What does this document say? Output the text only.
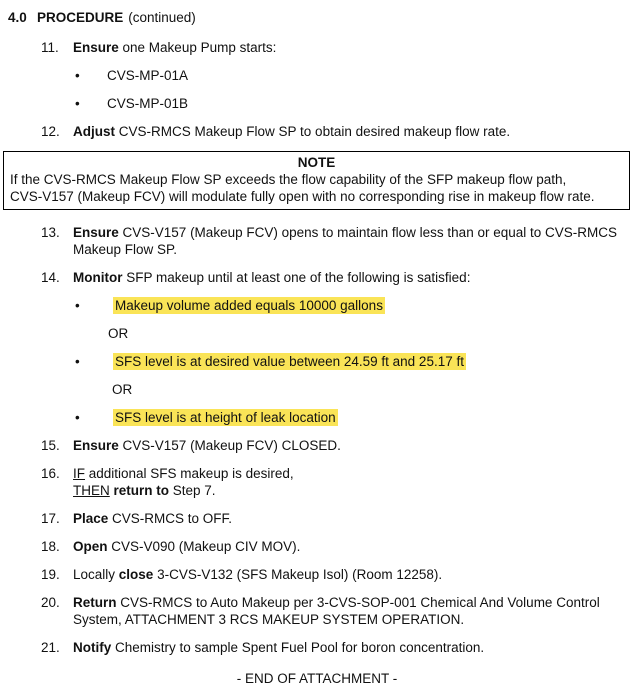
4.0 PROCEDURE (continued)
11.	Ensure one Makeup Pump starts:
•	CVS-MP-01A
•	CVS-MP-01B
12. Adjust CVS-RMCS Makeup Flow SP to obtain desired makeup flow rate.
NOTE
If the CVS-RMCS Makeup Flow SP exceeds the flow capability of the SFP makeup flow path,
CVS-V157 (Makeup FCV) will modulate fully open with no corresponding rise in makeup flow rate.
13. Ensure CVS-V157 (Makeup FCV) opens to maintain flow less than or equal to CVS-RMCS
Makeup Flow SP.
14. Monitor SFP makeup until at least one of the following is satisfied:
•	Makeup volume added equals 10000 gallons
OR
•	SFS level is at desired value between 24.59 ft and 25.17 ft
OR
•	SFS level is at height of leak location
15. Ensure CVS-V157 (Makeup FCV) CLOSED.
16. IF additional SFS makeup is desired,
THEN return to Step 7.
17. Place CVS-RMCS to OFF.
18. Open CVS-V090 (Makeup CIV MOV).
19. Locally close 3-CVS-V132 (SFS Makeup Isol) (Room 12258).
20. Return CVS-RMCS to Auto Makeup per 3-CVS-SOP-001 Chemical And Volume Control
System, ATTACHMENT 3 RCS MAKEUP SYSTEM OPERATION.
21. Notify Chemistry to sample Spent Fuel Pool for boron concentration.
- END OF ATTACHMENT -
